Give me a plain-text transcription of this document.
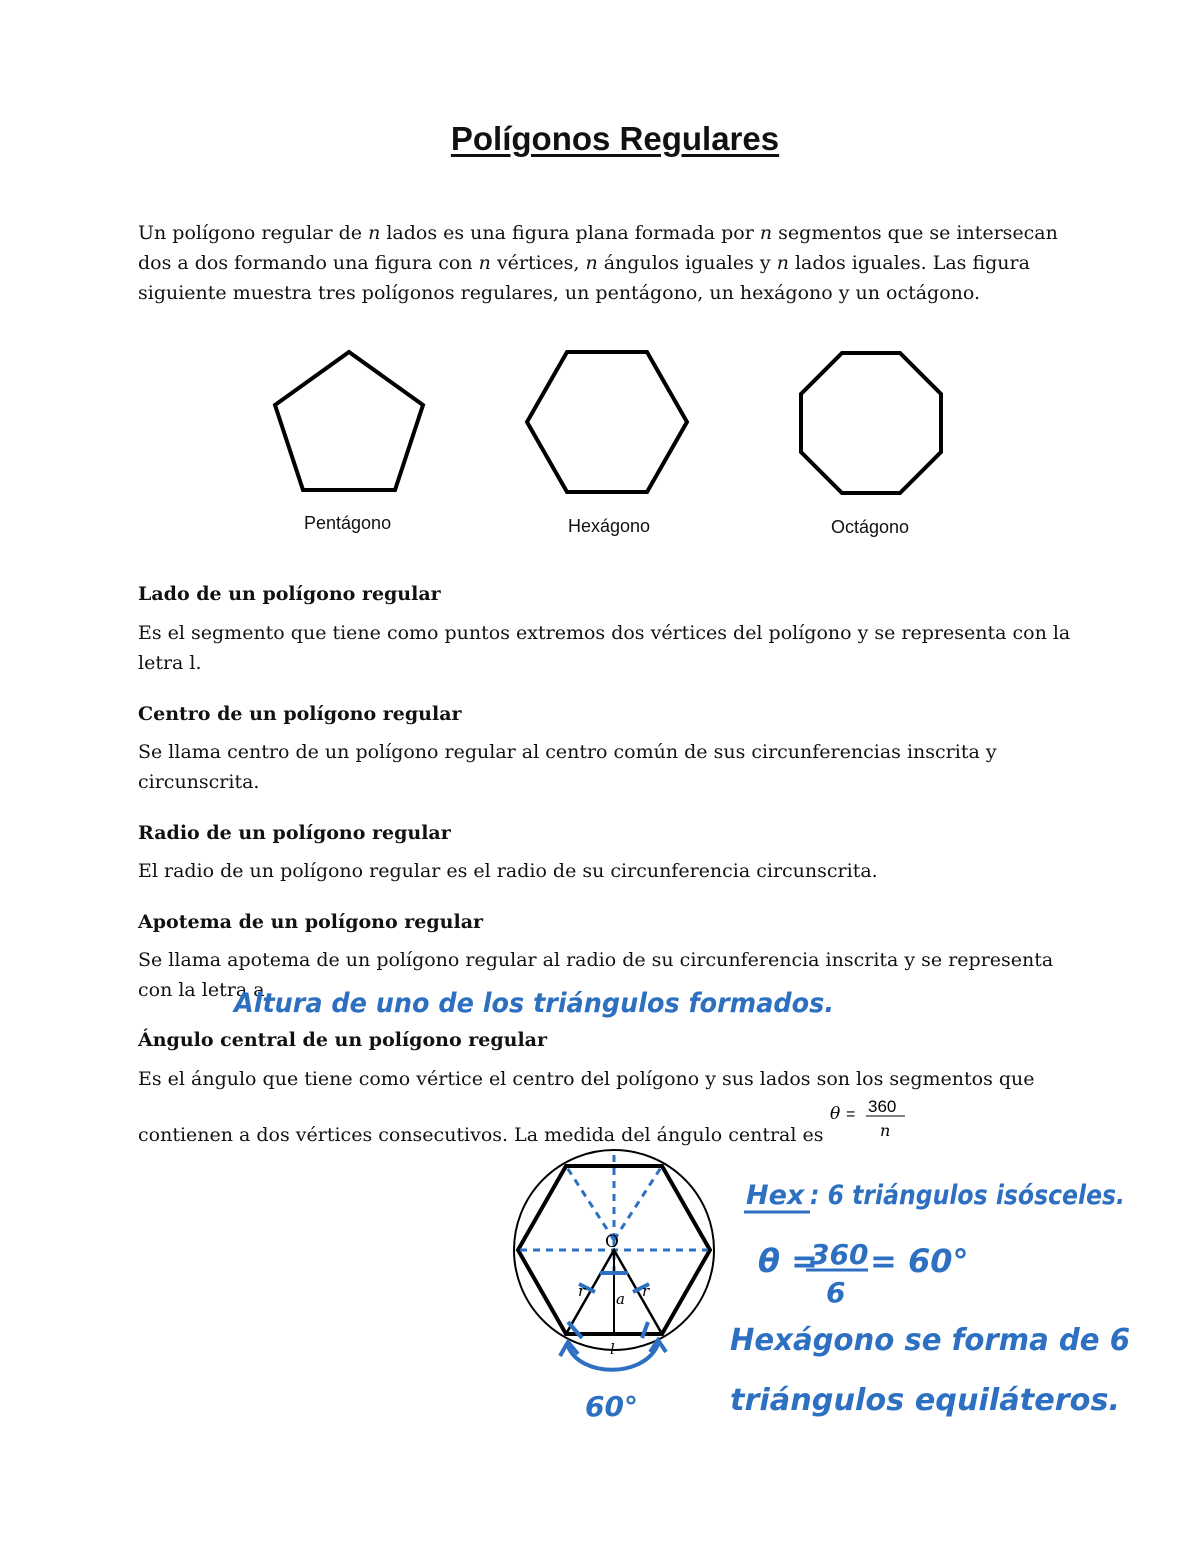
Polígonos Regulares

Un polígono regular de n lados es una figura plana formada por n segmentos que se intersecan dos a dos formando una figura con n vértices, n ángulos iguales y n lados iguales. Las figura siguiente muestra tres polígonos regulares, un pentágono, un hexágono y un octágono.

Pentágono	Hexágono	Octágono
Lado de un polígono regular

Es el segmento que tiene como puntos extremos dos vértices del polígono y se representa con la letra l.

Centro de un polígono regular

Se llama centro de un polígono regular al centro común de sus circunferencias inscrita y circunscrita.

Radio de un polígono regular

El radio de un polígono regular es el radio de su circunferencia circunscrita.

Apotema de un polígono regular

Se llama apotema de un polígono regular al radio de su circunferencia inscrita y se representa con la letra a

Ángulo central de un polígono regular

Es el ángulo que tiene como vértice el centro del polígono y sus lados son los segmentos que

contienen a dos vértices consecutivos. La medida del ángulo central es

θ = 360
n
Altura de uno de los triángulos formados.
O
r	r
a
l
60°
Hex : 6 triángulos isósceles.
θ =
360
6
= 60°
Hexágono se forma de 6
triángulos equiláteros.
